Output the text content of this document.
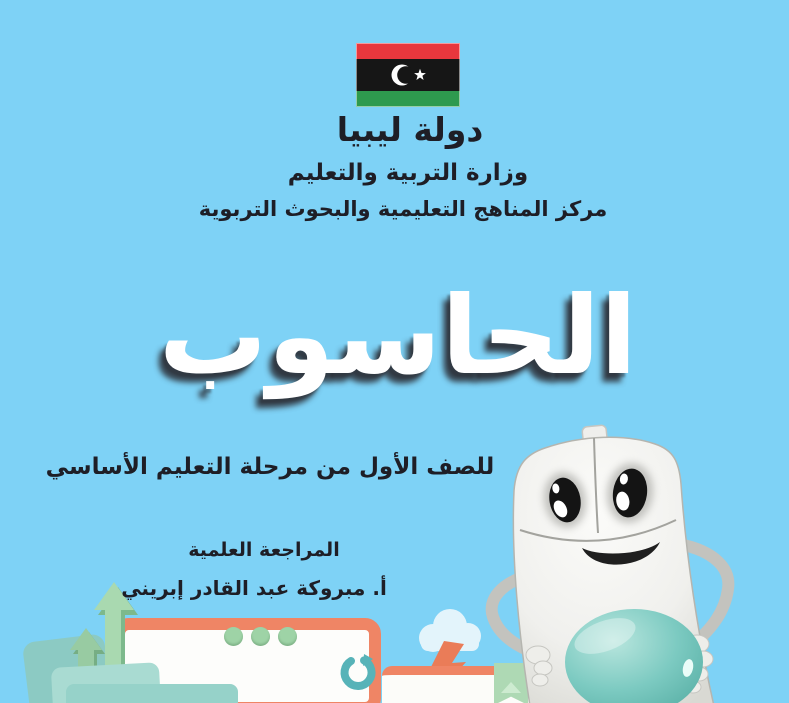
دولة ليبيا
وزارة التربية والتعليم
مركز المناهج التعليمية والبحوث التربوية
الحاسوب
للصف الأول من مرحلة التعليم الأساسي
المراجعة العلمية
أ. مبروكة عبد القادر إبريني
